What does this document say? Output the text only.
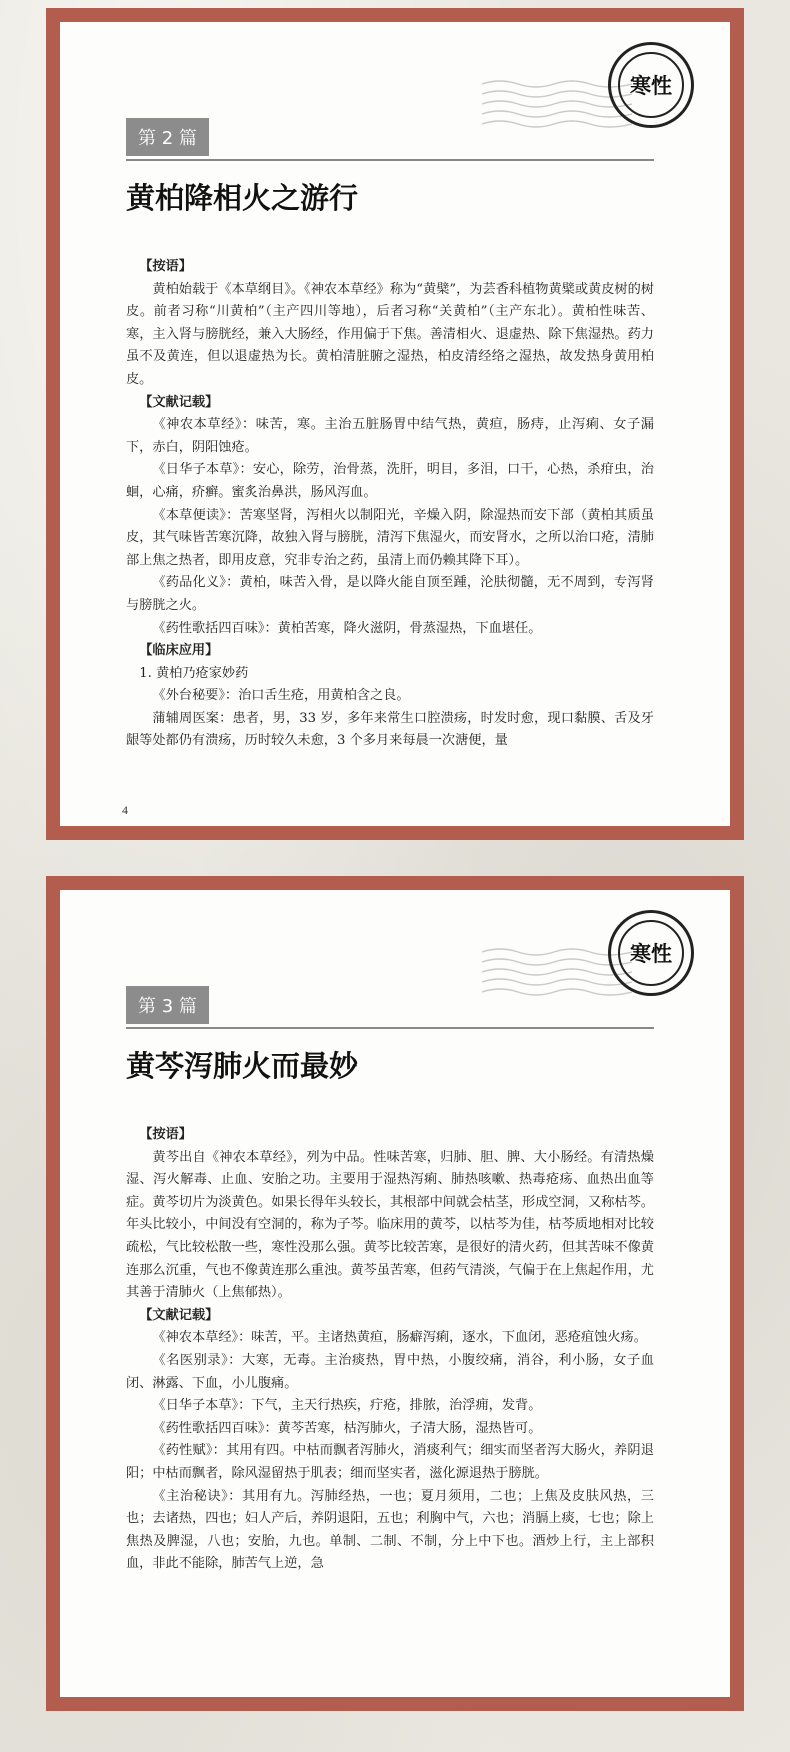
寒性
第 2 篇
黄柏降相火之游行

【按语】

黄柏始载于《本草纲目》。《神农本草经》称为“黄檗”，为芸香科植物黄檗或黄皮树的树皮。前者习称“川黄柏”（主产四川等地），后者习称“关黄柏”（主产东北）。黄柏性味苦、寒，主入肾与膀胱经，兼入大肠经，作用偏于下焦。善清相火、退虚热、除下焦湿热。药力虽不及黄连，但以退虚热为长。黄柏清脏腑之湿热，柏皮清经络之湿热，故发热身黄用柏皮。

【文献记载】

《神农本草经》：味苦，寒。主治五脏肠胃中结气热，黄疸，肠痔，止泻痢、女子漏下，赤白，阴阳蚀疮。

《日华子本草》：安心，除劳，治骨蒸，洗肝，明目，多泪，口干，心热，杀疳虫，治蛔，心痛，疥癣。蜜炙治鼻洪，肠风泻血。

《本草便读》：苦寒坚肾，泻相火以制阳光，辛燥入阴，除湿热而安下部（黄柏其质虽皮，其气味皆苦寒沉降，故独入肾与膀胱，清泻下焦湿火，而安肾水，之所以治口疮，清肺部上焦之热者，即用皮意，究非专治之药，虽清上而仍赖其降下耳）。

《药品化义》：黄柏，味苦入骨，是以降火能自顶至踵，沦肤彻髓，无不周到，专泻肾与膀胱之火。

《药性歌括四百味》：黄柏苦寒，降火滋阴，骨蒸湿热，下血堪任。

【临床应用】

1. 黄柏乃疮家妙药

《外台秘要》：治口舌生疮，用黄柏含之良。

蒲辅周医案：患者，男，33 岁，多年来常生口腔溃疡，时发时愈，现口黏膜、舌及牙龈等处都仍有溃疡，历时较久未愈，3 个多月来每晨一次溏便，量

4
寒性
第 3 篇
黄芩泻肺火而最妙

【按语】

黄芩出自《神农本草经》，列为中品。性味苦寒，归肺、胆、脾、大小肠经。有清热燥湿、泻火解毒、止血、安胎之功。主要用于湿热泻痢、肺热咳嗽、热毒疮疡、血热出血等症。黄芩切片为淡黄色。如果长得年头较长，其根部中间就会枯茎，形成空洞，又称枯芩。年头比较小，中间没有空洞的，称为子芩。临床用的黄芩，以枯芩为佳，枯芩质地相对比较疏松，气比较松散一些，寒性没那么强。黄芩比较苦寒，是很好的清火药，但其苦味不像黄连那么沉重，气也不像黄连那么重浊。黄芩虽苦寒，但药气清淡，气偏于在上焦起作用，尤其善于清肺火（上焦郁热）。

【文献记载】

《神农本草经》：味苦，平。主诸热黄疸，肠癖泻痢，逐水，下血闭，恶疮疽蚀火疡。

《名医别录》：大寒，无毒。主治痰热，胃中热，小腹绞痛，消谷，利小肠，女子血闭、淋露、下血，小儿腹痛。

《日华子本草》：下气，主天行热疾，疔疮，排脓，治浮痈，发背。

《药性歌括四百味》：黄芩苦寒，枯泻肺火，子清大肠，湿热皆可。

《药性赋》：其用有四。中枯而飘者泻肺火，消痰利气；细实而坚者泻大肠火，养阴退阳；中枯而飘者，除风湿留热于肌表；细而坚实者，滋化源退热于膀胱。

《主治秘诀》：其用有九。泻肺经热，一也；夏月须用，二也；上焦及皮肤风热，三也；去诸热，四也；妇人产后，养阴退阳，五也；利胸中气，六也；消膈上痰，七也；除上焦热及脾湿，八也；安胎，九也。单制、二制、不制，分上中下也。酒炒上行，主上部积血，非此不能除，肺苦气上逆，急
